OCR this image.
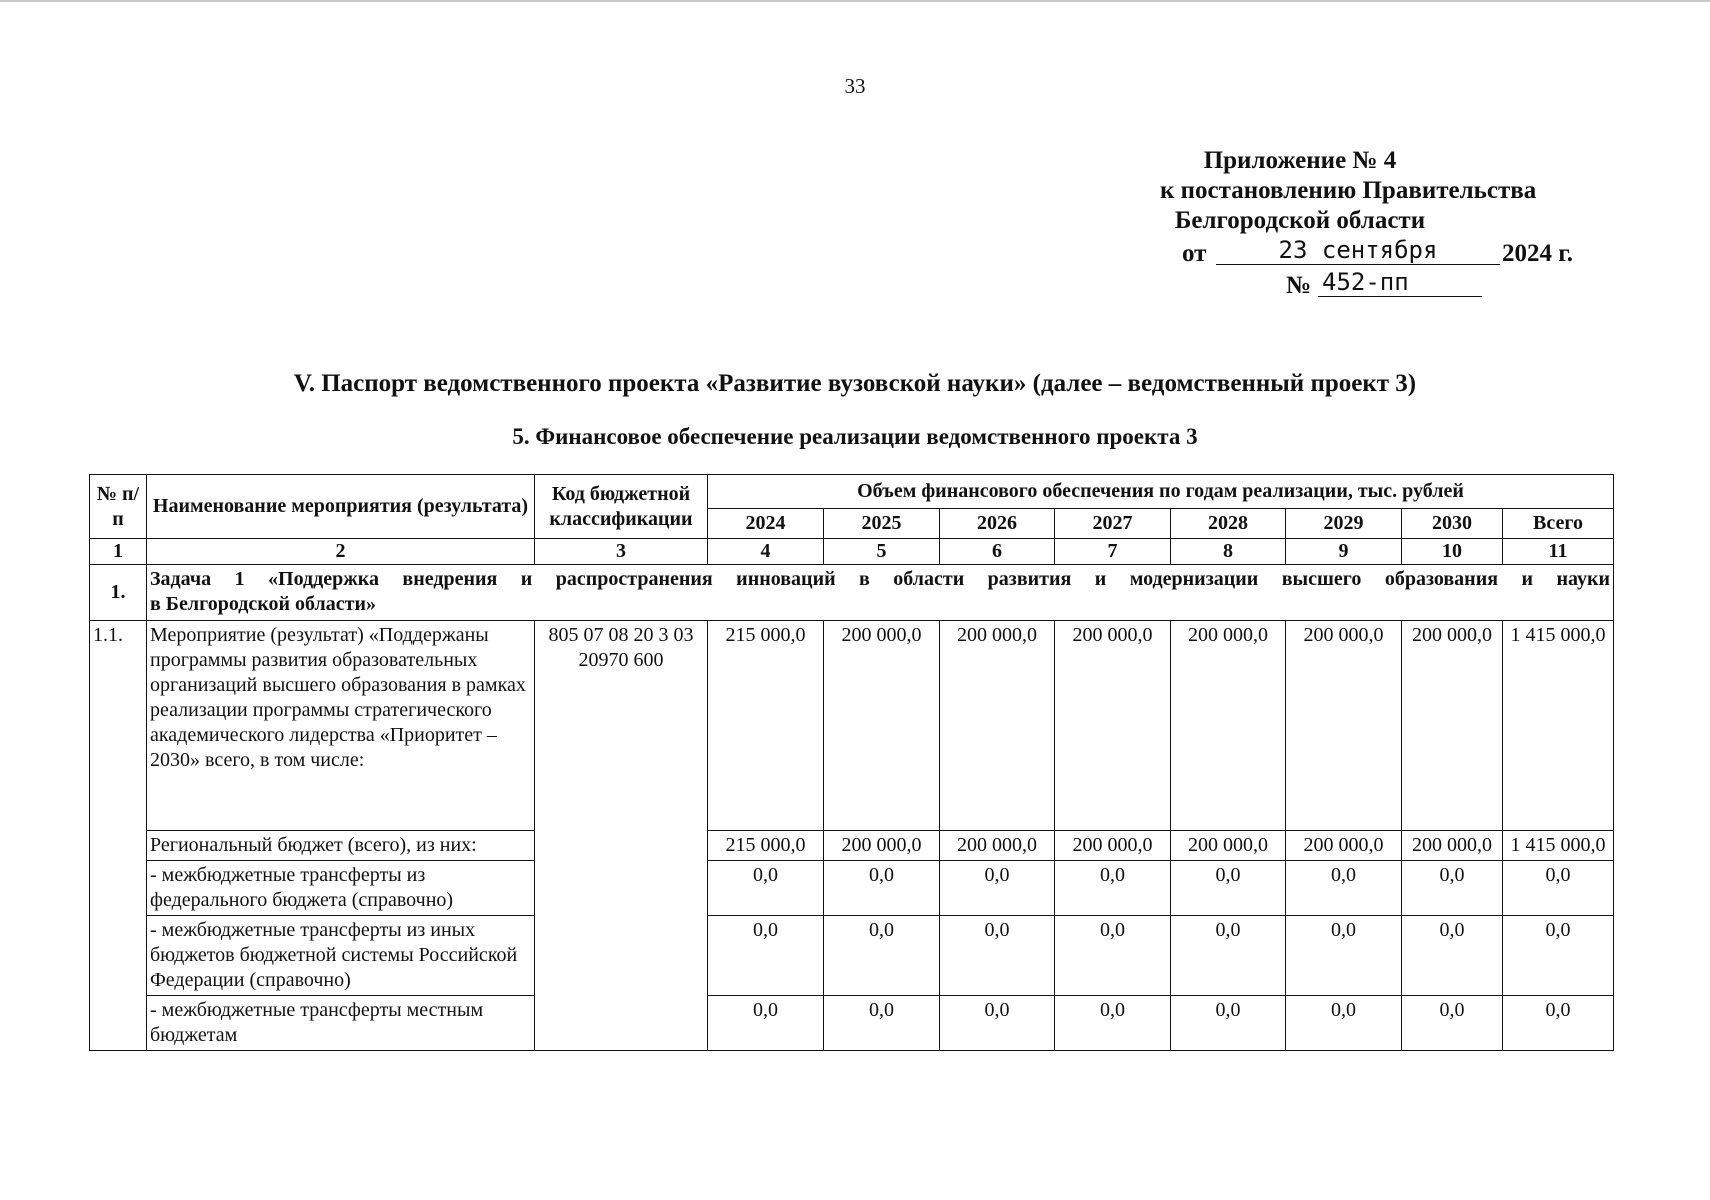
33
Приложение № 4
к постановлению Правительства
Белгородской области
от	23 сентября	2024 г.
№ 452-пп
V. Паспорт ведомственного проекта «Развитие вузовской науки» (далее – ведомственный проект 3)
5. Финансовое обеспечение реализации ведомственного проекта 3
№ п/п	Наименование мероприятия (результата)	Код бюджетной классификации	Объем финансового обеспечения по годам реализации, тыс. рублей							
			2024	2025	2026	2027	2028	2029	2030	Всего
1	2	3	4	5	6	7	8	9	10	11
1.	Задача 1 «Поддержка внедрения и распространения инноваций в области развития и модернизации высшего образования и науки
в Белгородской области»									

1.1.	Мероприятие (результат) «Поддержаны программы развития образовательных организаций высшего образования в рамках реализации программы стратегического академического лидерства «Приоритет – 2030» всего, в том числе:	805 07 08 20 3 03 20970 600	215 000,0	200 000,0	200 000,0	200 000,0	200 000,0	200 000,0	200 000,0	1 415 000,0
	Региональный бюджет (всего), из них:		215 000,0	200 000,0	200 000,0	200 000,0	200 000,0	200 000,0	200 000,0	1 415 000,0
	- межбюджетные трансферты из федерального бюджета (справочно)		0,0	0,0	0,0	0,0	0,0	0,0	0,0	0,0
	- межбюджетные трансферты из иных бюджетов бюджетной системы Российской Федерации (справочно)		0,0	0,0	0,0	0,0	0,0	0,0	0,0	0,0
	- межбюджетные трансферты местным бюджетам		0,0	0,0	0,0	0,0	0,0	0,0	0,0	0,0
